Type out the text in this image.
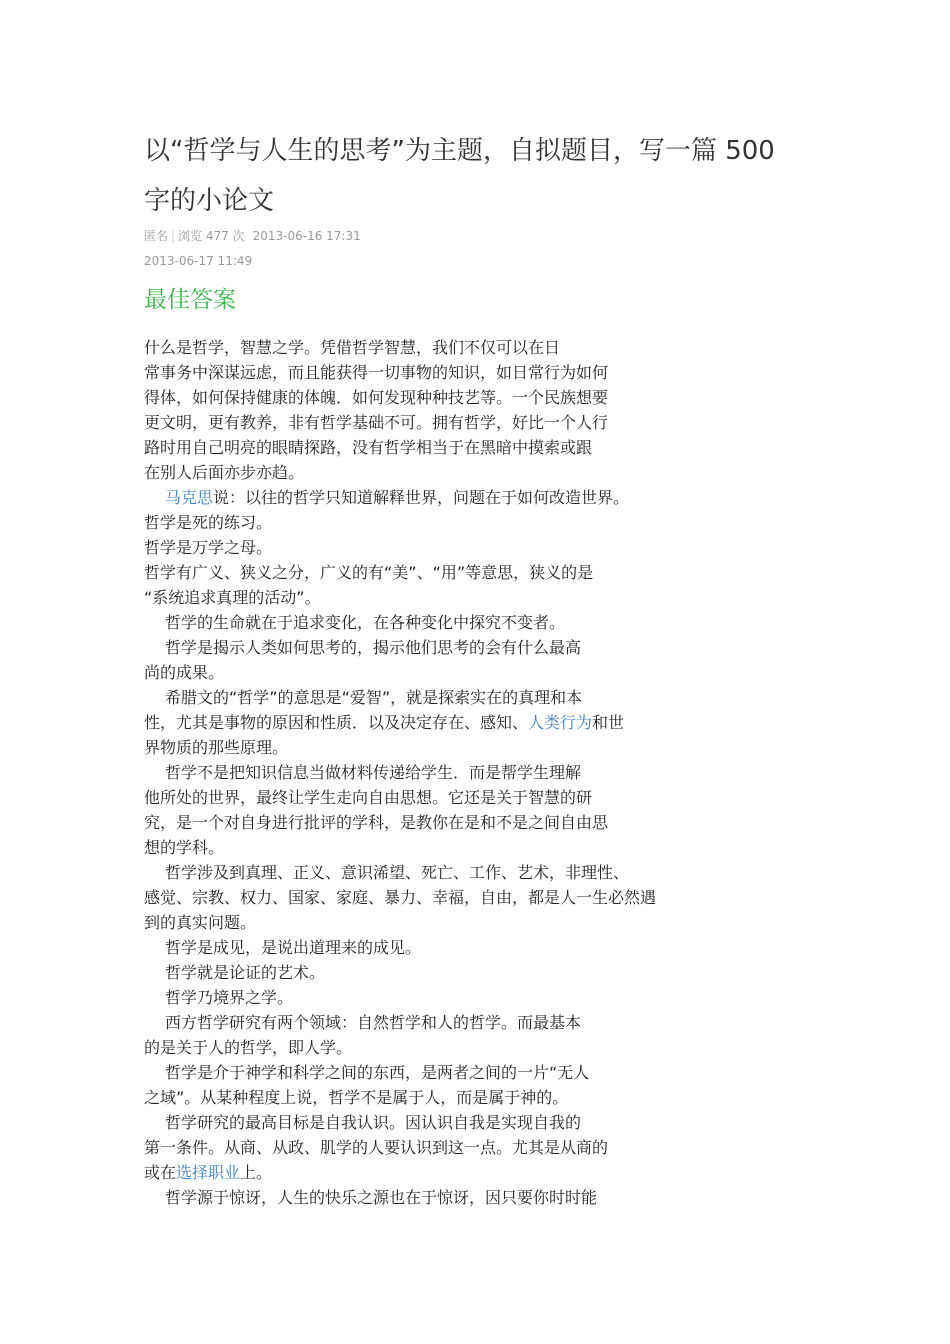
以“哲学与人生的思考”为主题，自拟题目，写一篇 500
字的小论文
匿名 | 浏览 477 次 2013-06-16 17:31
2013-06-17 11:49
最佳答案
什么是哲学，智慧之学。凭借哲学智慧，我们不仅可以在日
常事务中深谋远虑，而且能获得一切事物的知识，如日常行为如何
得体，如何保持健康的体魄．如何发现种种技艺等。一个民族想要
更文明，更有教养，非有哲学基础不可。拥有哲学，好比一个人行
路时用自己明亮的眼睛探路，没有哲学相当于在黑暗中摸索或跟
在别人后面亦步亦趋。
马克思说：以往的哲学只知道解释世界，问题在于如何改造世界。
哲学是死的练习。
哲学是万学之母。
哲学有广义、狭义之分，广义的有“美”、“用”等意思，狭义的是
“系统追求真理的活动”。
哲学的生命就在于追求变化，在各种变化中探究不变者。
哲学是揭示人类如何思考的，揭示他们思考的会有什么最高
尚的成果。
希腊文的“哲学”的意思是“爱智”，就是探索实在的真理和本
性，尤其是事物的原因和性质．以及决定存在、感知、人类行为和世
界物质的那些原理。
哲学不是把知识信息当做材料传递给学生．而是帮学生理解
他所处的世界，最终让学生走向自由思想。它还是关于智慧的研
究，是一个对自身进行批评的学科，是教你在是和不是之间自由思
想的学科。
哲学涉及到真理、正义、意识浠望、死亡、工作、艺术，非理性、
感觉、宗教、权力、国家、家庭、暴力、幸福，自由，都是人一生必然遇
到的真实问题。
哲学是成见，是说出道理来的成见。
哲学就是论证的艺术。
哲学乃境界之学。
西方哲学研究有两个领域：自然哲学和人的哲学。而最基本
的是关于人的哲学，即人学。
哲学是介于神学和科学之间的东西，是两者之间的一片“无人
之域”。从某种程度上说，哲学不是属于人，而是属于神的。
哲学研究的最高目标是自我认识。因认识自我是实现自我的
第一条件。从商、从政、肌学的人要认识到这一点。尤其是从商的
或在选择职业上。
哲学源于惊讶，人生的快乐之源也在于惊讶，因只要你时时能
